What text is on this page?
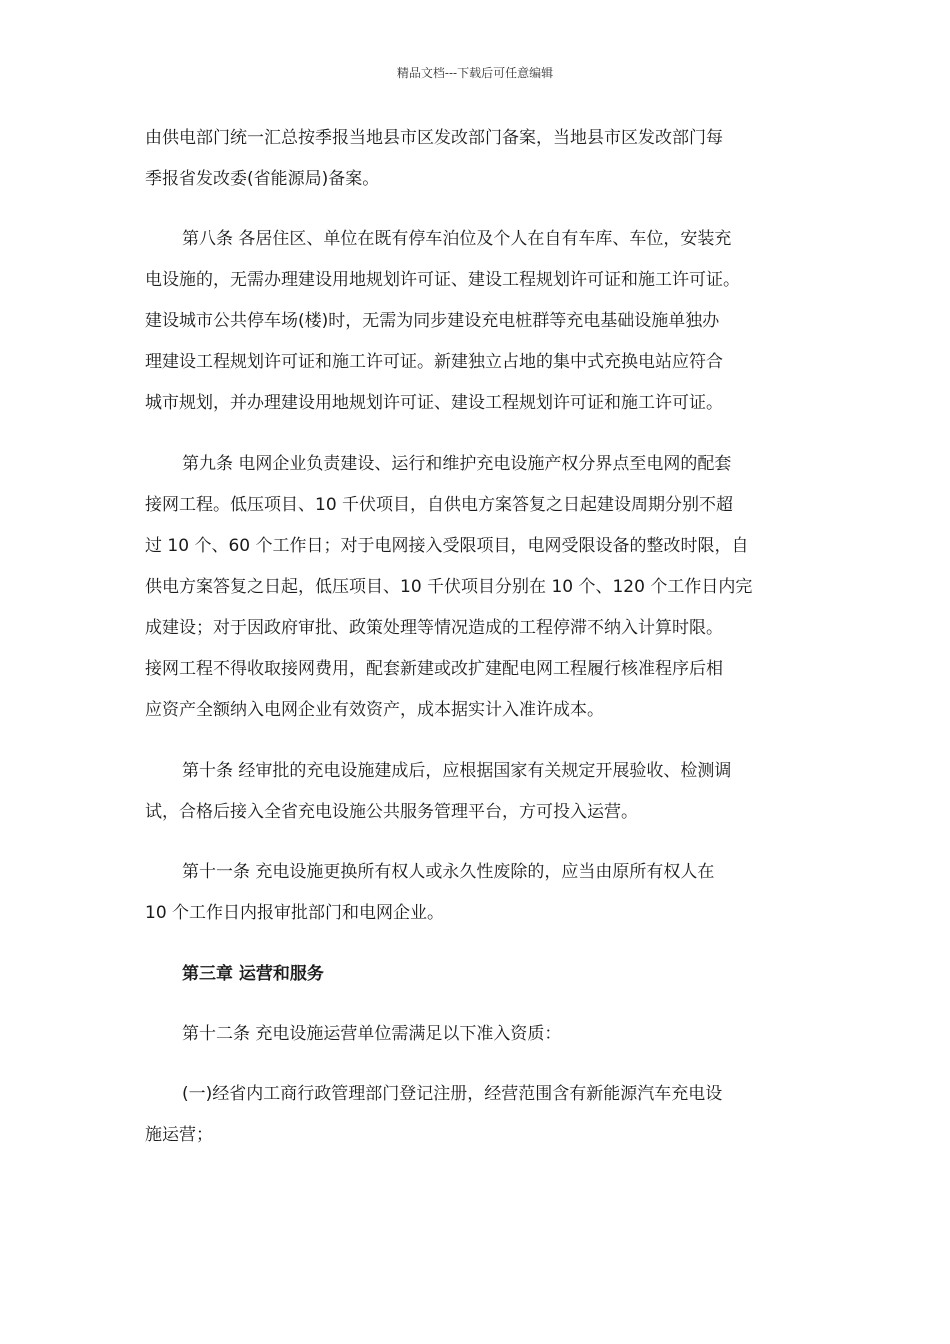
精品文档---下载后可任意编辑
由供电部门统一汇总按季报当地县市区发改部门备案，当地县市区发改部门每
季报省发改委(省能源局)备案。
第八条 各居住区、单位在既有停车泊位及个人在自有车库、车位，安装充
电设施的，无需办理建设用地规划许可证、建设工程规划许可证和施工许可证。
建设城市公共停车场(楼)时，无需为同步建设充电桩群等充电基础设施单独办
理建设工程规划许可证和施工许可证。新建独立占地的集中式充换电站应符合
城市规划，并办理建设用地规划许可证、建设工程规划许可证和施工许可证。
第九条 电网企业负责建设、运行和维护充电设施产权分界点至电网的配套
接网工程。低压项目、10 千伏项目，自供电方案答复之日起建设周期分别不超
过 10 个、60 个工作日；对于电网接入受限项目，电网受限设备的整改时限，自
供电方案答复之日起，低压项目、10 千伏项目分别在 10 个、120 个工作日内完
成建设；对于因政府审批、政策处理等情况造成的工程停滞不纳入计算时限。
接网工程不得收取接网费用，配套新建或改扩建配电网工程履行核准程序后相
应资产全额纳入电网企业有效资产，成本据实计入准许成本。
第十条 经审批的充电设施建成后，应根据国家有关规定开展验收、检测调
试，合格后接入全省充电设施公共服务管理平台，方可投入运营。
第十一条 充电设施更换所有权人或永久性废除的，应当由原所有权人在
10 个工作日内报审批部门和电网企业。
第三章 运营和服务
第十二条 充电设施运营单位需满足以下准入资质：
(一)经省内工商行政管理部门登记注册，经营范围含有新能源汽车充电设
施运营；
